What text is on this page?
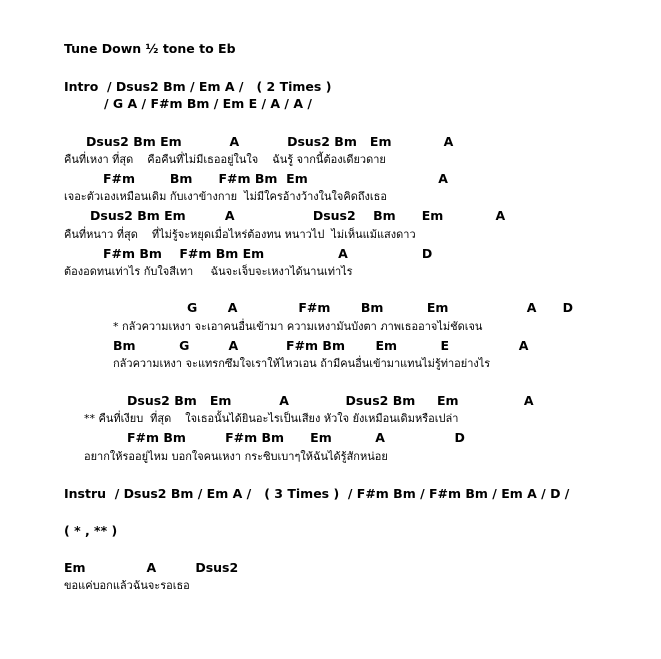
Tune Down ½ tone to Eb
Intro  / Dsus2 Bm / Em A /   ( 2 Times )
/ G A / F#m Bm / Em E / A / A /
Dsus2 Bm Em           A           Dsus2 Bm   Em            A
คืนที่เหงา ที่สุด    คือคืนที่ไม่มีเธออยู่ในใจ    ฉันรู้ จากนี้ต้องเดียวดาย
F#m        Bm      F#m Bm  Em                              A
เจอะตัวเองเหมือนเดิม กับเงาข้างกาย  ไม่มีใครอ้างว้างในใจคิดถึงเธอ
Dsus2 Bm Em         A                  Dsus2    Bm      Em            A
คืนที่หนาว ที่สุด    ที่ไม่รู้จะหยุดเมื่อไหร่ต้องทน หนาวไป  ไม่เห็นแม้แสงดาว
F#m Bm    F#m Bm Em                 A                 D
ต้องอดทนเท่าไร กับใจสีเทา     ฉันจะเจ็บจะเหงาได้นานเท่าไร
G       A              F#m       Bm          Em                  A      D
* กลัวความเหงา จะเอาคนอื่นเข้ามา ความเหงามันบังตา ภาพเธออาจไม่ชัดเจน
Bm          G         A           F#m Bm       Em          E                A
กลัวความเหงา จะแทรกซึมใจเราให้ไหวเอน ถ้ามีคนอื่นเข้ามาแทนไม่รู้ท่าอย่างไร
Dsus2 Bm   Em           A             Dsus2 Bm     Em               A
** คืนที่เงียบ  ที่สุด    ใจเธอนั้นได้ยินอะไรเป็นเสียง หัวใจ ยังเหมือนเดิมหรือเปล่า
F#m Bm         F#m Bm      Em          A                D
อยากให้รออยู่ไหม บอกใจคนเหงา กระซิบเบาๆให้ฉันได้รู้สักหน่อย
Instru  / Dsus2 Bm / Em A /   ( 3 Times )  / F#m Bm / F#m Bm / Em A / D /
( * , ** )
Em              A         Dsus2
ขอแค่บอกแล้วฉันจะรอเธอ
